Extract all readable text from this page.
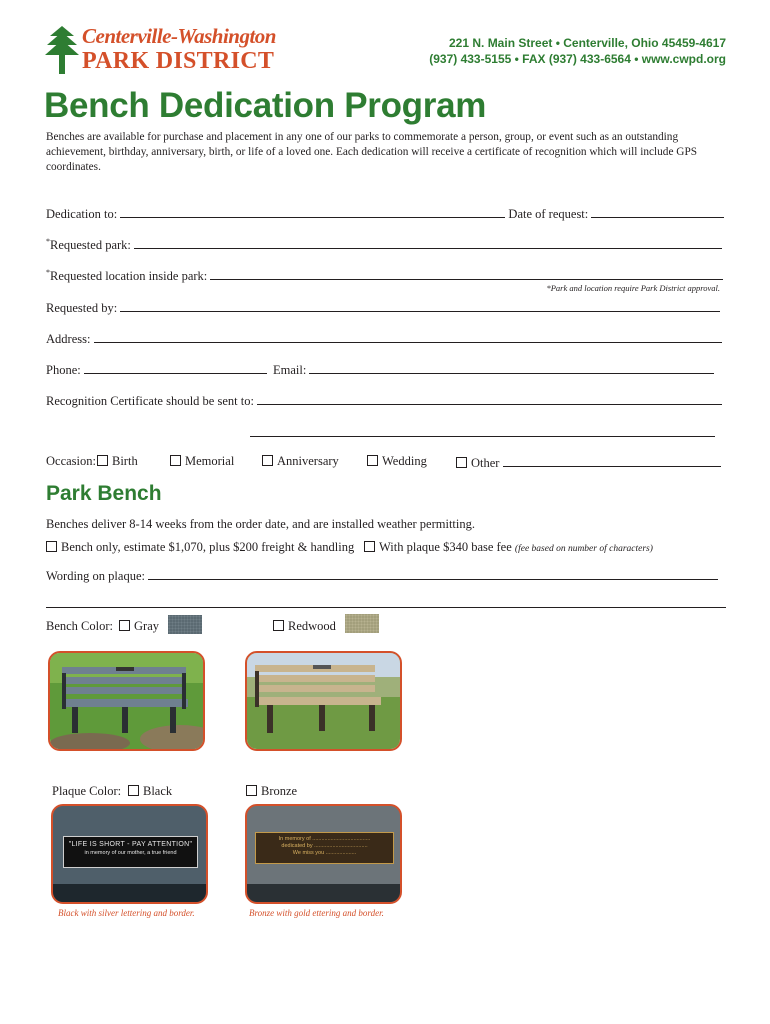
Centerville-Washington
PARK DISTRICT
221 N. Main Street • Centerville, Ohio 45459-4617
(937) 433-5155 • FAX (937) 433-6564 • www.cwpd.org
Bench Dedication Program
Benches are available for purchase and placement in any one of our parks to commemorate a person, group, or event such as an outstanding achievement, birthday, anniversary, birth, or life of a loved one. Each dedication will receive a certificate of recognition which will include GPS coordinates.
Dedication to:	Date of request:
*Requested park:
*Requested location inside park:
*Park and location require Park District approval.
Requested by:
Address:
Phone:	Email:
Recognition Certificate should be sent to:
Occasion:	Birth	Memorial	Anniversary	Wedding	Other
Park Bench
Benches deliver 8-14 weeks from the order date, and are installed weather permitting.
Bench only, estimate $1,070, plus $200 freight & handling	With plaque $340 base fee (fee based on number of characters)
Wording on plaque:
Bench Color:	Gray	Redwood
Plaque Color:	Black	Bronze
"LIFE IS SHORT - PAY ATTENTION"
in memory of our mother, a true friend
In memory of ......................................
dedicated by ...................................
We miss you ....................
Black with silver lettering and border.	Bronze with gold ettering and border.
